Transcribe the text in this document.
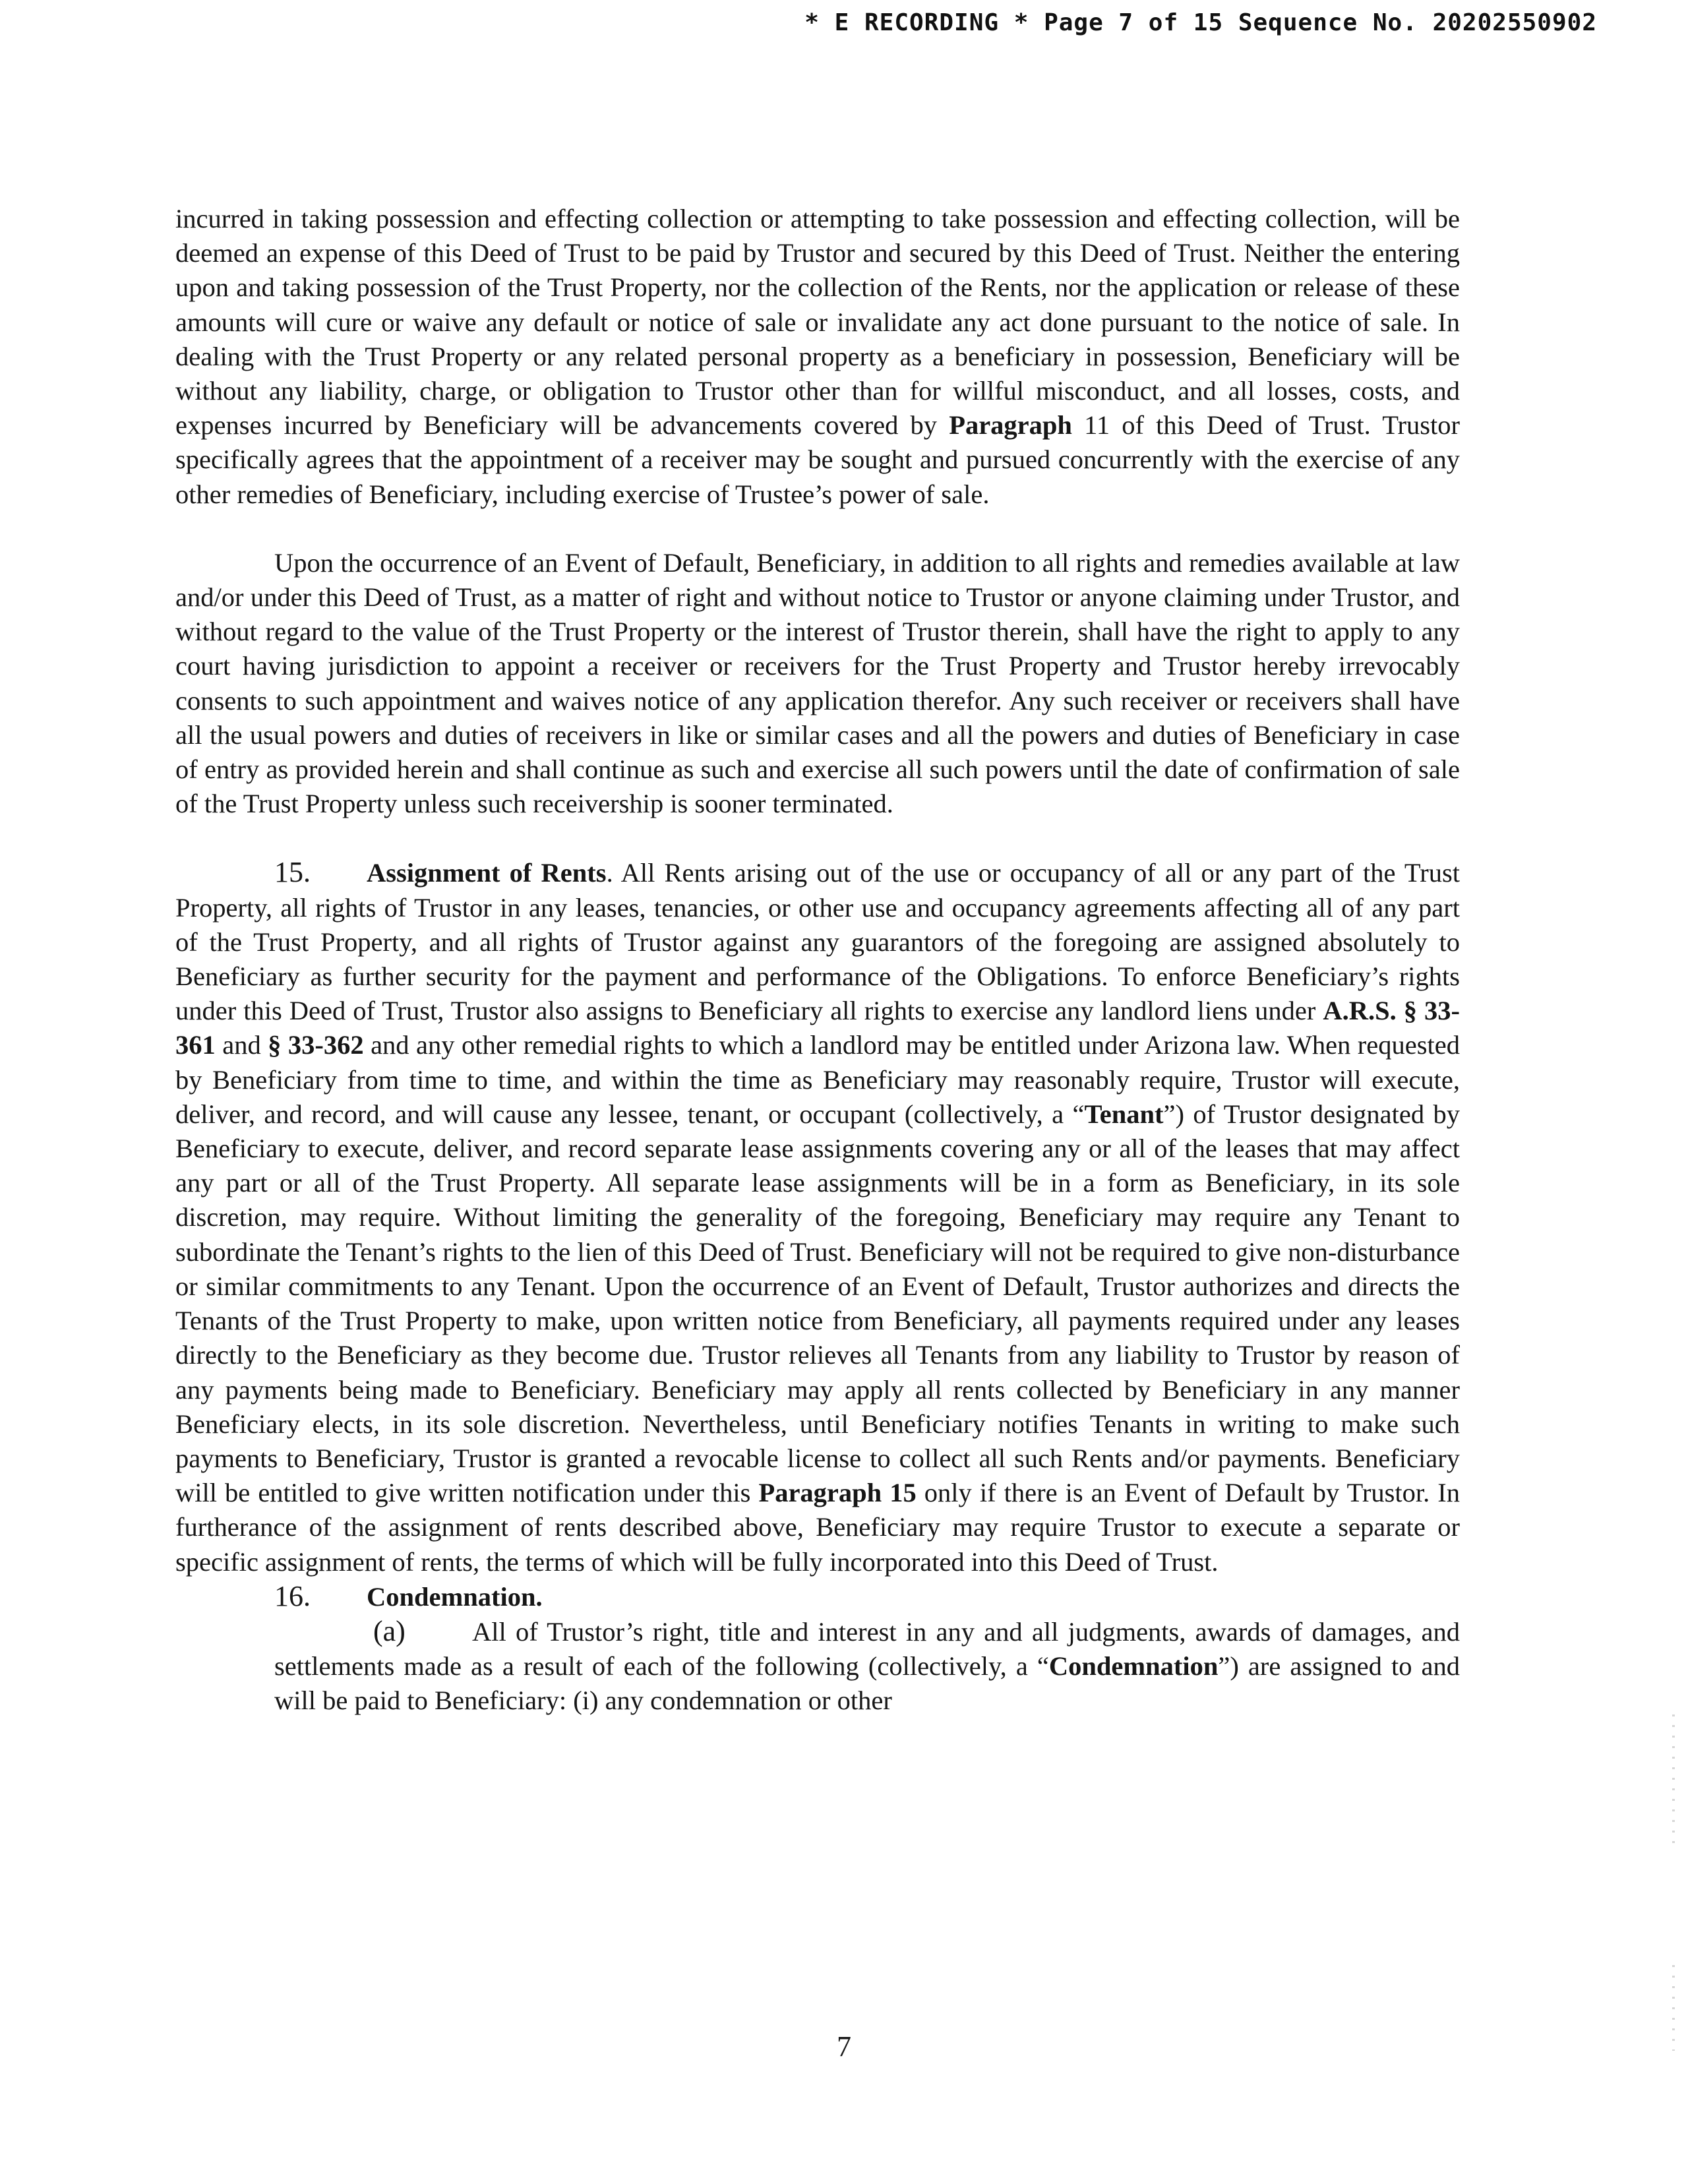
* E RECORDING * Page 7 of 15 Sequence No. 20202550902

incurred in taking possession and effecting collection or attempting to take possession and effecting collection, will be deemed an expense of this Deed of Trust to be paid by Trustor and secured by this Deed of Trust. Neither the entering upon and taking possession of the Trust Property, nor the collection of the Rents, nor the application or release of these amounts will cure or waive any default or notice of sale or invalidate any act done pursuant to the notice of sale. In dealing with the Trust Property or any related personal property as a beneficiary in possession, Beneficiary will be without any liability, charge, or obligation to Trustor other than for willful misconduct, and all losses, costs, and expenses incurred by Beneficiary will be advancements covered by Paragraph 11 of this Deed of Trust. Trustor specifically agrees that the appointment of a receiver may be sought and pursued concurrently with the exercise of any other remedies of Beneficiary, including exercise of Trustee’s power of sale.

Upon the occurrence of an Event of Default, Beneficiary, in addition to all rights and remedies available at law and/or under this Deed of Trust, as a matter of right and without notice to Trustor or anyone claiming under Trustor, and without regard to the value of the Trust Property or the interest of Trustor therein, shall have the right to apply to any court having jurisdiction to appoint a receiver or receivers for the Trust Property and Trustor hereby irrevocably consents to such appointment and waives notice of any application therefor. Any such receiver or receivers shall have all the usual powers and duties of receivers in like or similar cases and all the powers and duties of Beneficiary in case of entry as provided herein and shall continue as such and exercise all such powers until the date of confirmation of sale of the Trust Property unless such receivership is sooner terminated.

15. Assignment of Rents. All Rents arising out of the use or occupancy of all or any part of the Trust Property, all rights of Trustor in any leases, tenancies, or other use and occupancy agreements affecting all of any part of the Trust Property, and all rights of Trustor against any guarantors of the foregoing are assigned absolutely to Beneficiary as further security for the payment and performance of the Obligations. To enforce Beneficiary’s rights under this Deed of Trust, Trustor also assigns to Beneficiary all rights to exercise any landlord liens under A.R.S. § 33-361 and § 33-362 and any other remedial rights to which a landlord may be entitled under Arizona law. When requested by Beneficiary from time to time, and within the time as Beneficiary may reasonably require, Trustor will execute, deliver, and record, and will cause any lessee, tenant, or occupant (collectively, a “Tenant”) of Trustor designated by Beneficiary to execute, deliver, and record separate lease assignments covering any or all of the leases that may affect any part or all of the Trust Property. All separate lease assignments will be in a form as Beneficiary, in its sole discretion, may require. Without limiting the generality of the foregoing, Beneficiary may require any Tenant to subordinate the Tenant’s rights to the lien of this Deed of Trust. Beneficiary will not be required to give non-disturbance or similar commitments to any Tenant. Upon the occurrence of an Event of Default, Trustor authorizes and directs the Tenants of the Trust Property to make, upon written notice from Beneficiary, all payments required under any leases directly to the Beneficiary as they become due. Trustor relieves all Tenants from any liability to Trustor by reason of any payments being made to Beneficiary. Beneficiary may apply all rents collected by Beneficiary in any manner Beneficiary elects, in its sole discretion. Nevertheless, until Beneficiary notifies Tenants in writing to make such payments to Beneficiary, Trustor is granted a revocable license to collect all such Rents and/or payments. Beneficiary will be entitled to give written notification under this Paragraph 15 only if there is an Event of Default by Trustor. In furtherance of the assignment of rents described above, Beneficiary may require Trustor to execute a separate or specific assignment of rents, the terms of which will be fully incorporated into this Deed of Trust.

16. Condemnation.

(a) All of Trustor’s right, title and interest in any and all judgments, awards of damages, and settlements made as a result of each of the following (collectively, a “Condemnation”) are assigned to and will be paid to Beneficiary: (i) any condemnation or other

7
